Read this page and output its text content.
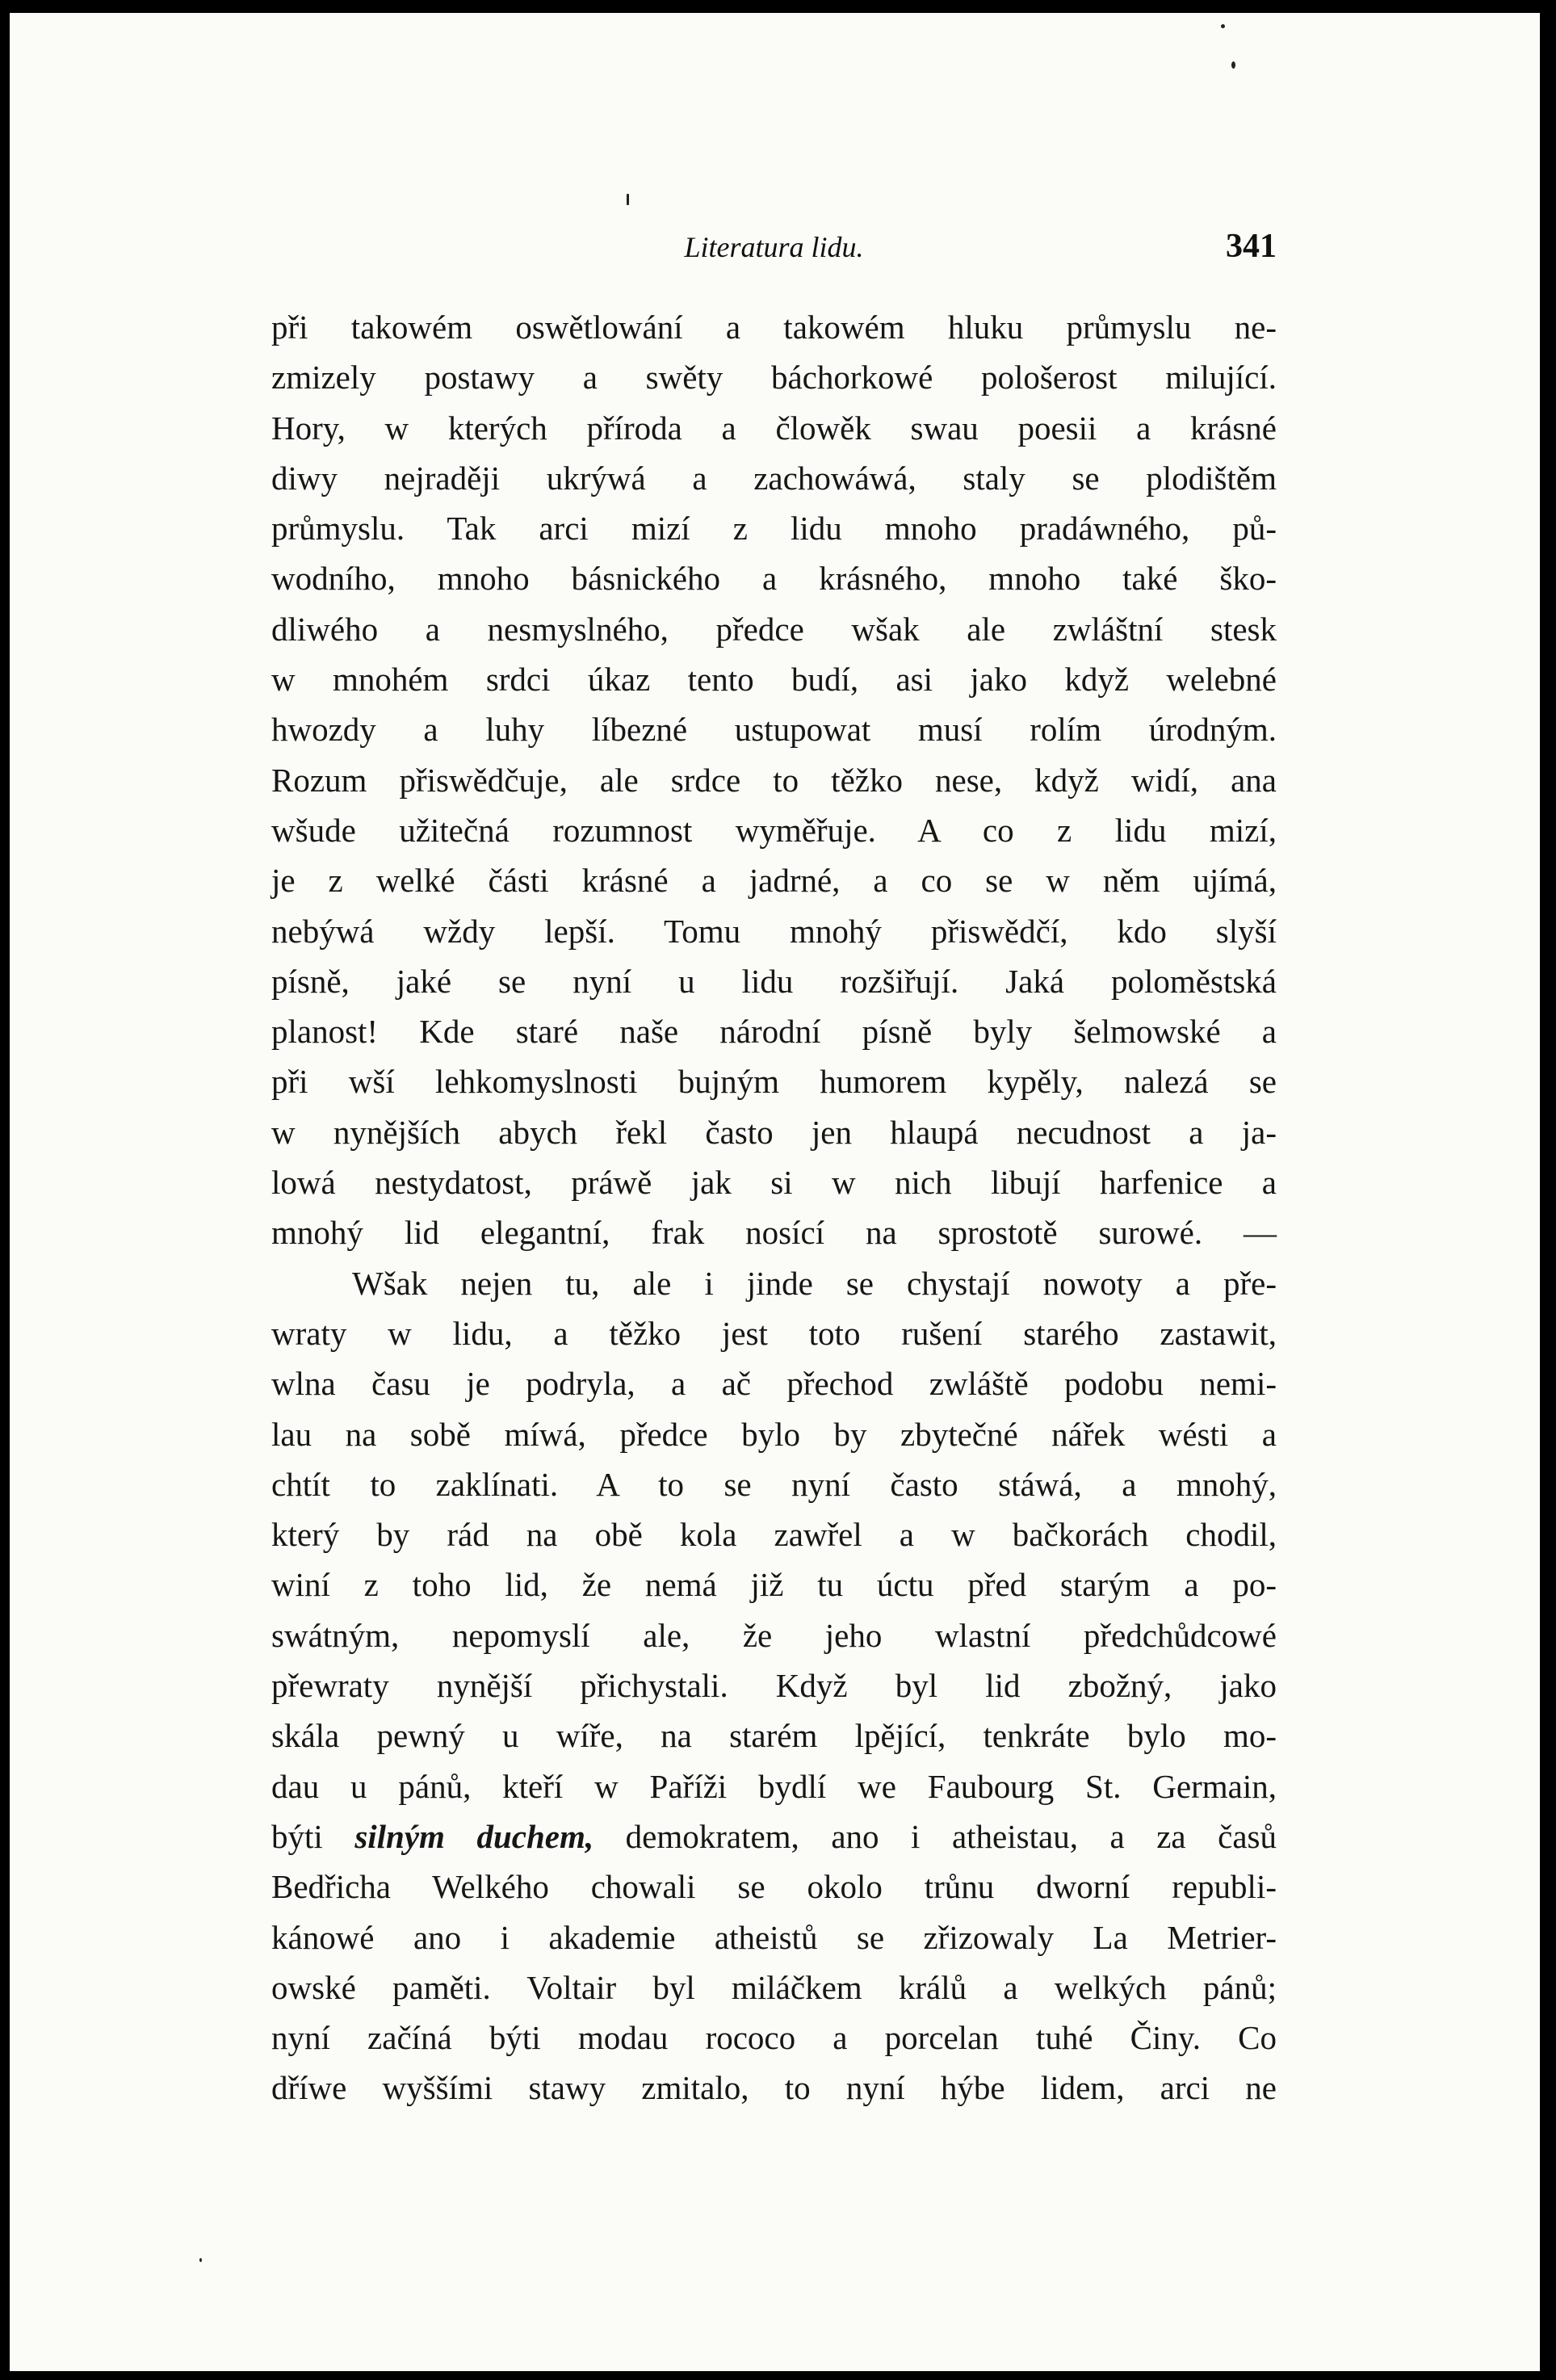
Literatura lidu.	341
při takowém oswětlowání a takowém hluku průmyslu ne-
zmizely postawy a swěty báchorkowé pološerost milující.
Hory, w kterých příroda a člowěk swau poesii a krásné
diwy nejraději ukrýwá a zachowáwá, staly se plodištěm
průmyslu. Tak arci mizí z lidu mnoho pradáwného, pů-
wodního, mnoho básnického a krásného, mnoho také ško-
dliwého a nesmyslného, předce wšak ale zwláštní stesk
w mnohém srdci úkaz tento budí, asi jako když welebné
hwozdy a luhy líbezné ustupowat musí rolím úrodným.
Rozum přiswědčuje, ale srdce to těžko nese, když widí, ana
wšude užitečná rozumnost wyměřuje. A co z lidu mizí,
je z welké části krásné a jadrné, a co se w něm ujímá,
nebýwá wždy lepší. Tomu mnohý přiswědčí, kdo slyší
písně, jaké se nyní u lidu rozšiřují. Jaká poloměstská
planost! Kde staré naše národní písně byly šelmowské a
při wší lehkomyslnosti bujným humorem kypěly, nalezá se
w nynějších abych řekl často jen hlaupá necudnost a ja-
lowá nestydatost, práwě jak si w nich libují harfenice a
mnohý lid elegantní, frak nosící na sprostotě surowé. —
Wšak nejen tu, ale i jinde se chystají nowoty a pře-
wraty w lidu, a těžko jest toto rušení starého zastawit,
wlna času je podryla, a ač přechod zwláště podobu nemi-
lau na sobě míwá, předce bylo by zbytečné nářek wésti a
chtít to zaklínati. A to se nyní často stáwá, a mnohý,
který by rád na obě kola zawřel a w bačkorách chodil,
winí z toho lid, že nemá již tu úctu před starým a po-
swátným, nepomyslí ale, že jeho wlastní předchůdcowé
přewraty nynější přichystali. Když byl lid zbožný, jako
skála pewný u wíře, na starém lpějící, tenkráte bylo mo-
dau u pánů, kteří w Paříži bydlí we Faubourg St. Germain,
býti silným duchem, demokratem, ano i atheistau, a za časů
Bedřicha Welkého chowali se okolo trůnu dworní republi-
kánowé ano i akademie atheistů se zřizowaly La Metrier-
owské paměti. Voltair byl miláčkem králů a welkých pánů;
nyní začíná býti modau rococo a porcelan tuhé Činy. Co
dříwe wyššími stawy zmitalo, to nyní hýbe lidem, arci ne
